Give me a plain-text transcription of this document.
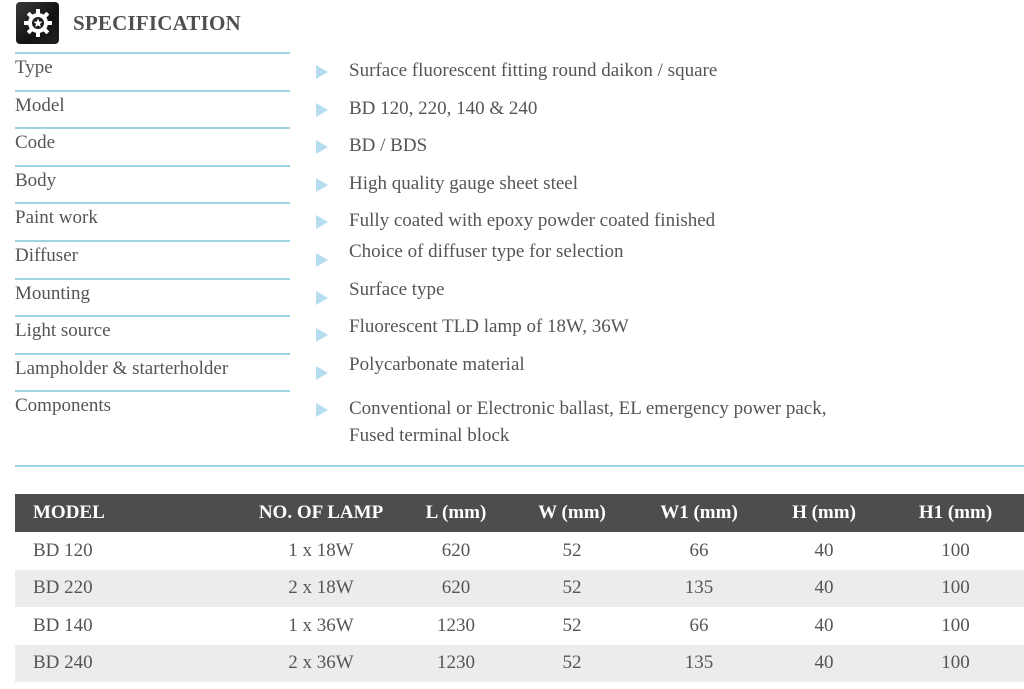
SPECIFICATION
Type	Surface fluorescent fitting round daikon / square
Model	BD 120, 220, 140 & 240
Code	BD / BDS
Body	High quality gauge sheet steel
Paint work	Fully coated with epoxy powder coated finished
Diffuser	Choice of diffuser type for selection
Mounting	Surface type
Light source	Fluorescent TLD lamp of 18W, 36W
Lampholder & starterholder	Polycarbonate material
Components	Conventional or Electronic ballast, EL emergency power pack,
Fused terminal block
MODEL	NO. OF LAMP	L (mm)	W (mm)	W1 (mm)	H (mm)	H1 (mm)
BD 120	1 x 18W	620	52	66	40	100
BD 220	2 x 18W	620	52	135	40	100
BD 140	1 x 36W	1230	52	66	40	100
BD 240	2 x 36W	1230	52	135	40	100
